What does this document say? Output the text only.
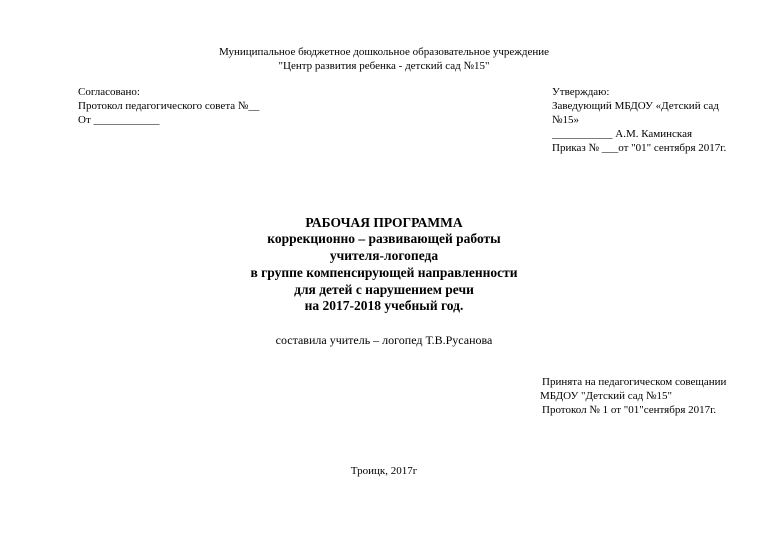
Муниципальное бюджетное дошкольное образовательное учреждение
"Центр развития ребенка - детский сад №15"
Согласовано:
Протокол педагогического совета №__
От ____________
Утверждаю:
Заведующий МБДОУ «Детский сад
№15»
___________ А.М. Каминская
Приказ № ___от "01" сентября 2017г.
РАБОЧАЯ ПРОГРАММА
коррекционно – развивающей работы
учителя-логопеда
в группе компенсирующей направленности
для детей с нарушением речи
на 2017-2018 учебный год.
составила учитель – логопед Т.В.Русанова
Принята на педагогическом совещании
МБДОУ "Детский сад №15"
Протокол № 1 от "01"сентября 2017г.
Троицк, 2017г
